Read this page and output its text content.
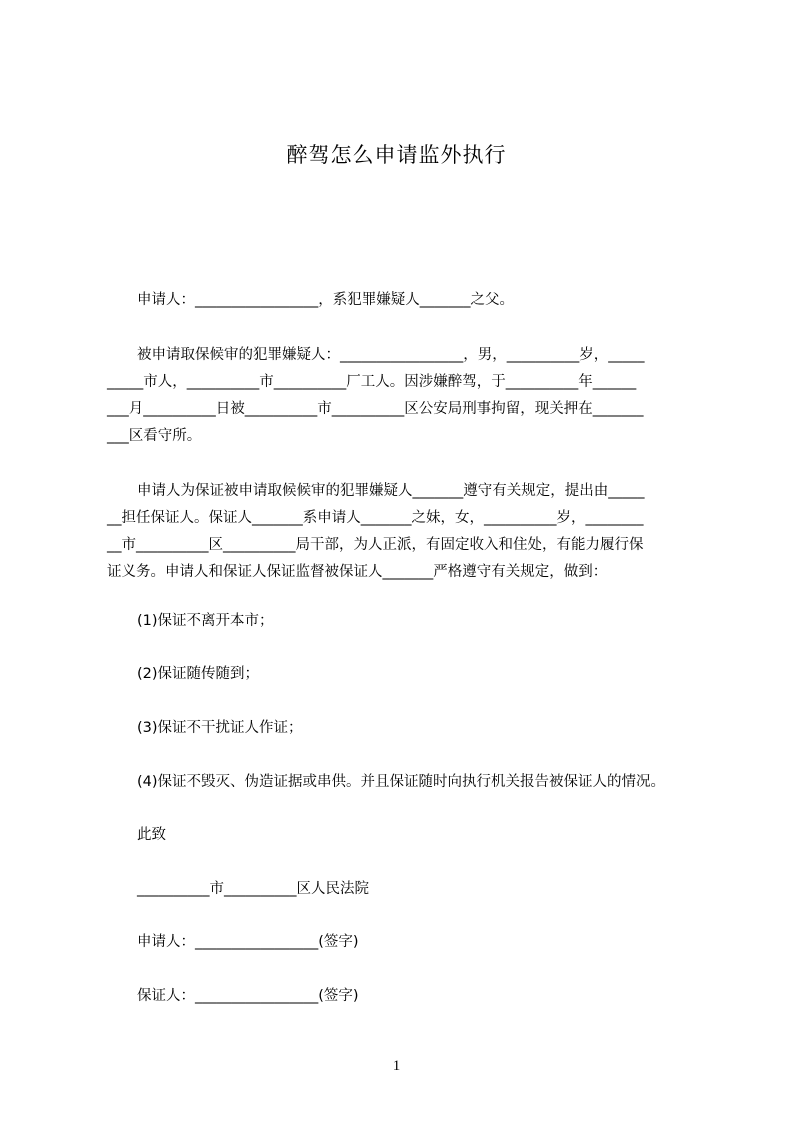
醉驾怎么申请监外执行
申请人：_________________，系犯罪嫌疑人_______之父。
被申请取保候审的犯罪嫌疑人：_________________，男，__________岁，_____
_____市人，__________市__________厂工人。因涉嫌醉驾，于__________年______
___月__________日被__________市__________区公安局刑事拘留，现关押在_______
___区看守所。
申请人为保证被申请取候候审的犯罪嫌疑人_______遵守有关规定，提出由_____
__担任保证人。保证人_______系申请人_______之妹，女，__________岁，________
__市__________区__________局干部，为人正派，有固定收入和住处，有能力履行保
证义务。申请人和保证人保证监督被保证人_______严格遵守有关规定，做到：
(1)保证不离开本市；
(2)保证随传随到；
(3)保证不干扰证人作证；
(4)保证不毁灭、伪造证据或串供。并且保证随时向执行机关报告被保证人的情况。
此致
__________市__________区人民法院
申请人：_________________(签字)
保证人：_________________(签字)
1
